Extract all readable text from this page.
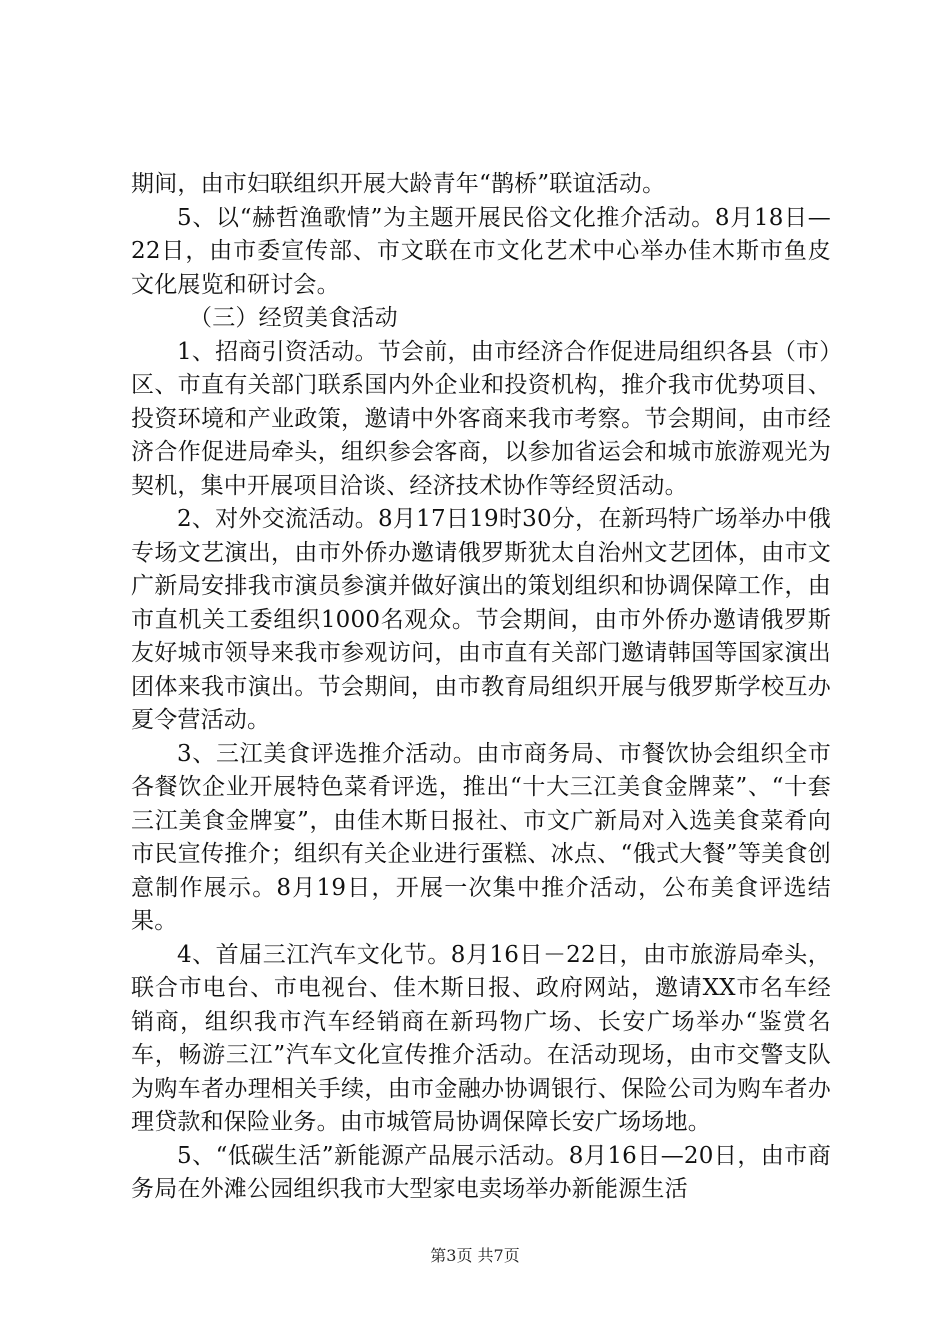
期间，由市妇联组织开展大龄青年“鹊桥”联谊活动。

5、以“赫哲渔歌情”为主题开展民俗文化推介活动。8月18日—22日，由市委宣传部、市文联在市文化艺术中心举办佳木斯市鱼皮文化展览和研讨会。

（三）经贸美食活动

1、招商引资活动。节会前，由市经济合作促进局组织各县（市）区、市直有关部门联系国内外企业和投资机构，推介我市优势项目、投资环境和产业政策，邀请中外客商来我市考察。节会期间，由市经济合作促进局牵头，组织参会客商，以参加省运会和城市旅游观光为契机，集中开展项目洽谈、经济技术协作等经贸活动。

2、对外交流活动。8月17日19时30分，在新玛特广场举办中俄专场文艺演出，由市外侨办邀请俄罗斯犹太自治州文艺团体，由市文广新局安排我市演员参演并做好演出的策划组织和协调保障工作，由市直机关工委组织1000名观众。节会期间，由市外侨办邀请俄罗斯友好城市领导来我市参观访问，由市直有关部门邀请韩国等国家演出团体来我市演出。节会期间，由市教育局组织开展与俄罗斯学校互办夏令营活动。

3、三江美食评选推介活动。由市商务局、市餐饮协会组织全市各餐饮企业开展特色菜肴评选，推出“十大三江美食金牌菜”、“十套三江美食金牌宴”，由佳木斯日报社、市文广新局对入选美食菜肴向市民宣传推介；组织有关企业进行蛋糕、冰点、“俄式大餐”等美食创意制作展示。8月19日，开展一次集中推介活动，公布美食评选结果。

4、首届三江汽车文化节。8月16日－22日，由市旅游局牵头，联合市电台、市电视台、佳木斯日报、政府网站，邀请XX市名车经销商，组织我市汽车经销商在新玛物广场、长安广场举办“鉴赏名车，畅游三江”汽车文化宣传推介活动。在活动现场，由市交警支队为购车者办理相关手续，由市金融办协调银行、保险公司为购车者办理贷款和保险业务。由市城管局协调保障长安广场场地。

5、“低碳生活”新能源产品展示活动。8月16日—20日，由市商务局在外滩公园组织我市大型家电卖场举办新能源生活

第3页 共7页
